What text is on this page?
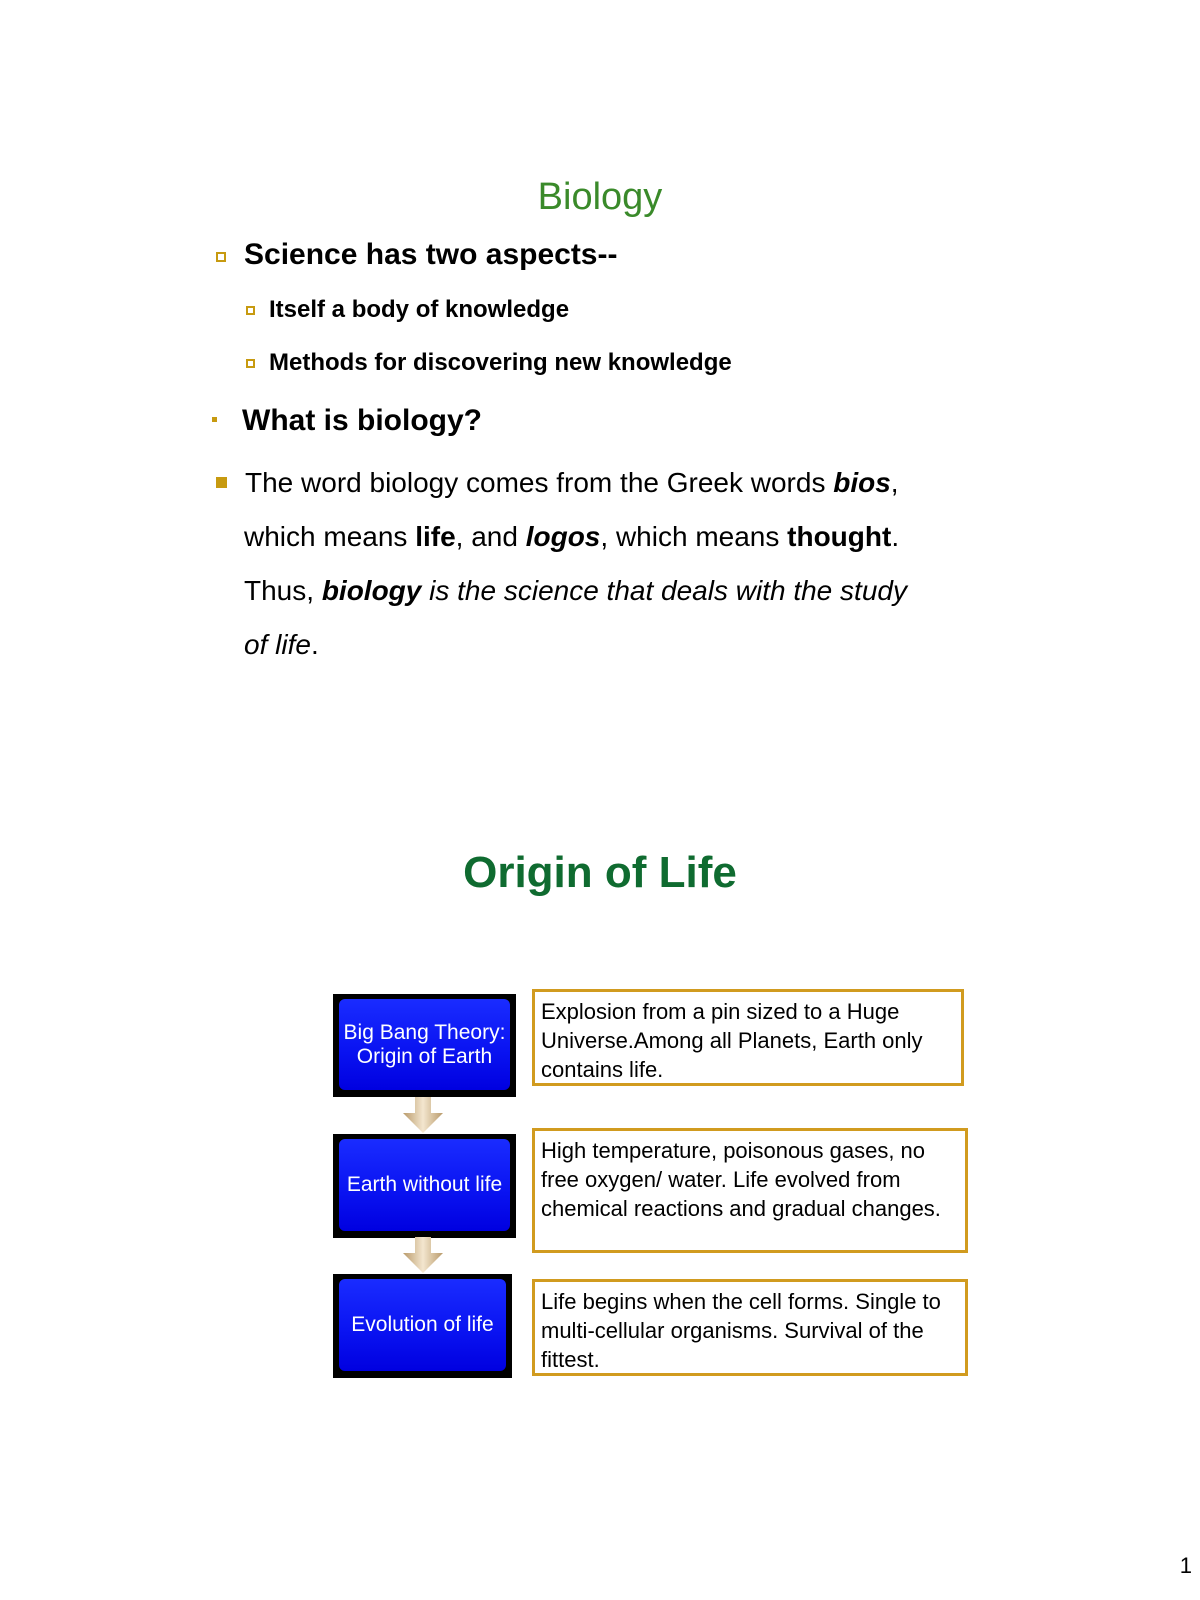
Biology
Science has two aspects--
Itself a body of knowledge
Methods for discovering new knowledge
What is biology?
The word biology comes from the Greek words bios,
which means life, and logos, which means thought.
Thus, biology is the science that deals with the study
of life.
Origin of Life
Big Bang Theory: Origin of Earth
Earth without life
Evolution of life
Explosion from a pin sized to a Huge Universe.Among all Planets, Earth only contains life.
High temperature, poisonous gases, no free oxygen/ water. Life evolved from chemical reactions and gradual changes.
Life begins when the cell forms. Single to multi-cellular organisms. Survival of the fittest.
1
